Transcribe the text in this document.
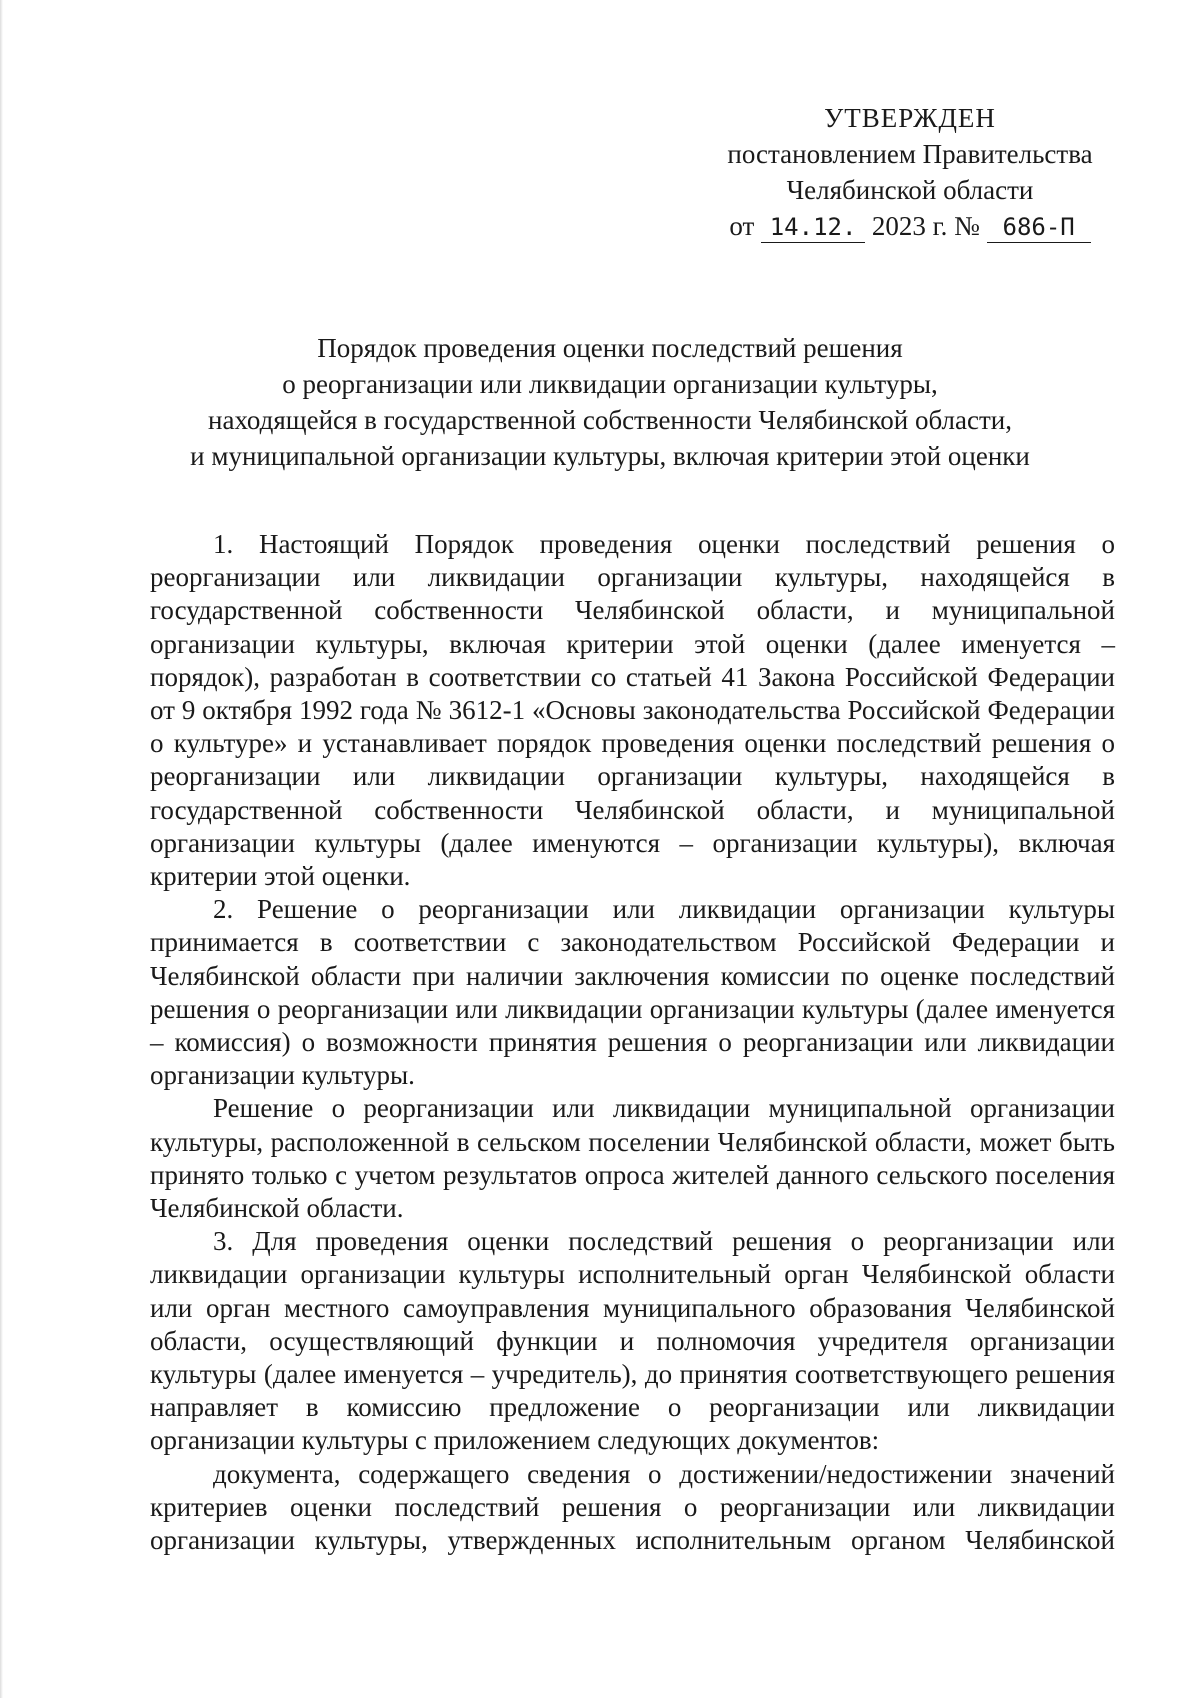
УТВЕРЖДЕН
постановлением Правительства
Челябинской области
от 14.12. 2023 г. № 686-П
Порядок проведения оценки последствий решения
о реорганизации или ликвидации организации культуры,
находящейся в государственной собственности Челябинской области,
и муниципальной организации культуры, включая критерии этой оценки

1. Настоящий Порядок проведения оценки последствий решения о реорганизации или ликвидации организации культуры, находящейся в государственной собственности Челябинской области, и муниципальной организации культуры, включая критерии этой оценки (далее именуется – порядок), разработан в соответствии со статьей 41 Закона Российской Федерации от 9 октября 1992 года № 3612-1 «Основы законодательства Российской Федерации о культуре» и устанавливает порядок проведения оценки последствий решения о реорганизации или ликвидации организации культуры, находящейся в государственной собственности Челябинской области, и муниципальной организации культуры (далее именуются – организации культуры), включая критерии этой оценки.

2. Решение о реорганизации или ликвидации организации культуры принимается в соответствии с законодательством Российской Федерации и Челябинской области при наличии заключения комиссии по оценке последствий решения о реорганизации или ликвидации организации культуры (далее именуется – комиссия) о возможности принятия решения о реорганизации или ликвидации организации культуры.

Решение о реорганизации или ликвидации муниципальной организации культуры, расположенной в сельском поселении Челябинской области, может быть принято только с учетом результатов опроса жителей данного сельского поселения Челябинской области.

3. Для проведения оценки последствий решения о реорганизации или ликвидации организации культуры исполнительный орган Челябинской области или орган местного самоуправления муниципального образования Челябинской области, осуществляющий функции и полномочия учредителя организации культуры (далее именуется – учредитель), до принятия соответствующего решения направляет в комиссию предложение о реорганизации или ликвидации организации культуры с приложением следующих документов:

документа, содержащего сведения о достижении/недостижении значений критериев оценки последствий решения о реорганизации или ликвидации организации культуры, утвержденных исполнительным органом Челябинской
